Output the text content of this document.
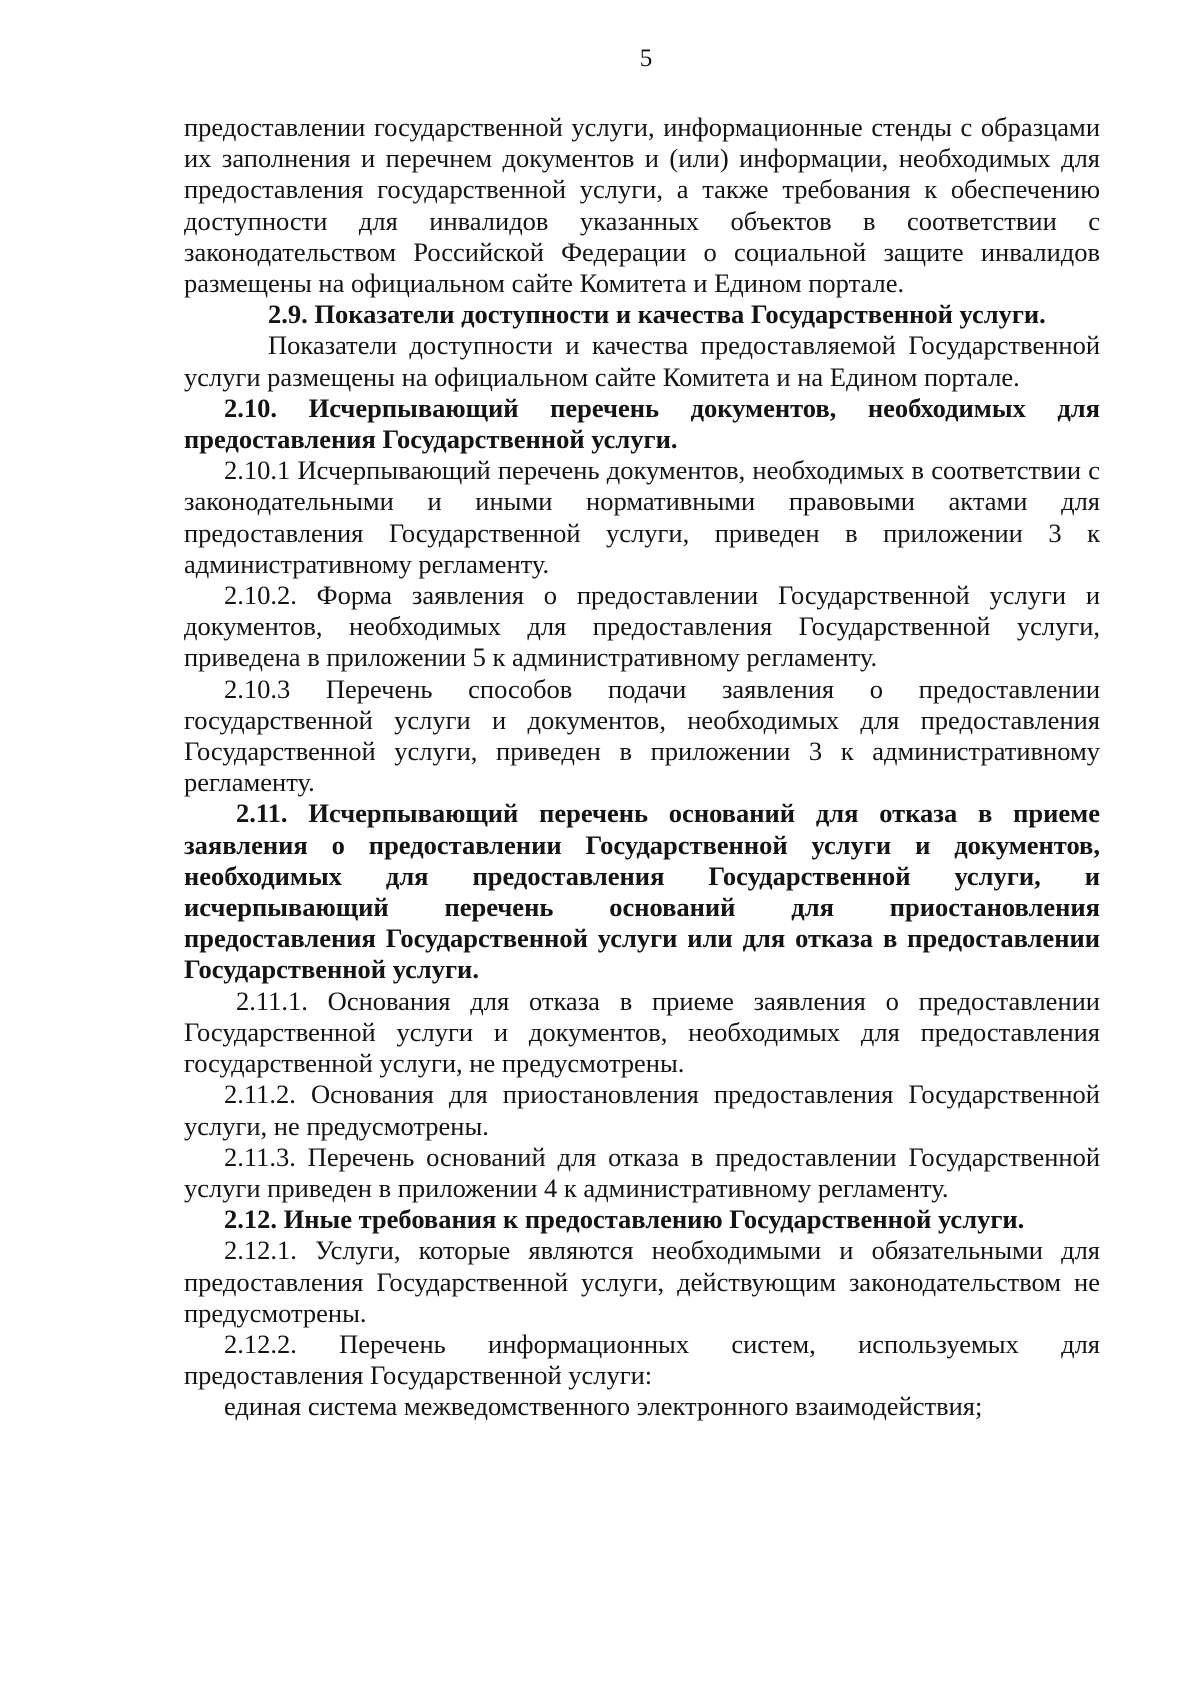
5

предоставлении государственной услуги, информационные стенды с образцами их заполнения и перечнем документов и (или) информации, необходимых для предоставления государственной услуги, а также требования к обеспечению доступности для инвалидов указанных объектов в соответствии с законодательством Российской Федерации о социальной защите инвалидов размещены на официальном сайте Комитета и Едином портале.

2.9. Показатели доступности и качества Государственной услуги.

Показатели доступности и качества предоставляемой Государственной услуги размещены на официальном сайте Комитета и на Едином портале.

2.10. Исчерпывающий перечень документов, необходимых для предоставления Государственной услуги.

2.10.1 Исчерпывающий перечень документов, необходимых в соответствии с законодательными и иными нормативными правовыми актами для предоставления Государственной услуги, приведен в приложении 3 к административному регламенту.

2.10.2. Форма заявления о предоставлении Государственной услуги и документов, необходимых для предоставления Государственной услуги, приведена в приложении 5 к административному регламенту.

2.10.3 Перечень способов подачи заявления о предоставлении государственной услуги и документов, необходимых для предоставления Государственной услуги, приведен в приложении 3 к административному регламенту.

2.11. Исчерпывающий перечень оснований для отказа в приеме заявления о предоставлении Государственной услуги и документов, необходимых для предоставления Государственной услуги, и исчерпывающий перечень оснований для приостановления предоставления Государственной услуги или для отказа в предоставлении Государственной услуги.

2.11.1. Основания для отказа в приеме заявления о предоставлении Государственной услуги и документов, необходимых для предоставления государственной услуги, не предусмотрены.

2.11.2. Основания для приостановления предоставления Государственной услуги, не предусмотрены.

2.11.3. Перечень оснований для отказа в предоставлении Государственной услуги приведен в приложении 4 к административному регламенту.

2.12. Иные требования к предоставлению Государственной услуги.

2.12.1. Услуги, которые являются необходимыми и обязательными для предоставления Государственной услуги, действующим законодательством не предусмотрены.

2.12.2. Перечень информационных систем, используемых для предоставления Государственной услуги:

единая система межведомственного электронного взаимодействия;
